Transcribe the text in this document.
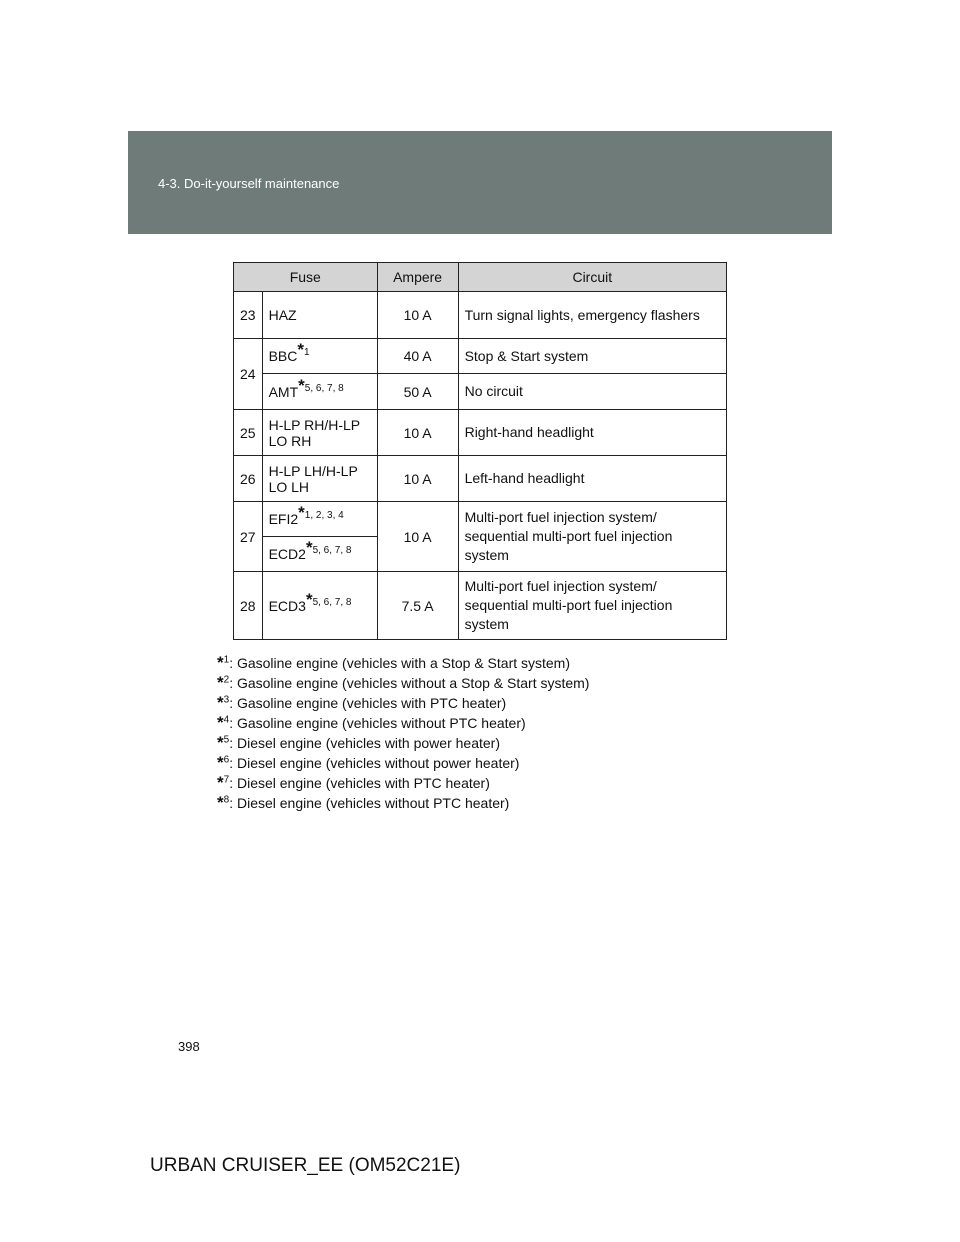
4-3. Do-it-yourself maintenance
Fuse		Ampere	Circuit
23	HAZ	10 A	Turn signal lights, emergency flashers
24	BBC$^{*1}$	40 A	Stop & Start system
	AMT$^{*5, 6, 7, 8}$	50 A	No circuit
25	H-LP RH/H-LP LO RH	10 A	Right-hand headlight
26	H-LP LH/H-LP LO LH	10 A	Left-hand headlight
27	EFI2$^{*1, 2, 3, 4}$	10 A	Multi-port fuel injection system/ sequential multi-port fuel injection system
	ECD2$^{*5, 6, 7, 8}$
28	ECD3$^{*5, 6, 7, 8}$	7.5 A	Multi-port fuel injection system/ sequential multi-port fuel injection system
*$^1$: Gasoline engine (vehicles with a Stop & Start system)
*$^2$: Gasoline engine (vehicles without a Stop & Start system)
*$^3$: Gasoline engine (vehicles with PTC heater)
*$^4$: Gasoline engine (vehicles without PTC heater)
*$^5$: Diesel engine (vehicles with power heater)
*$^6$: Diesel engine (vehicles without power heater)
*$^7$: Diesel engine (vehicles with PTC heater)
*$^8$: Diesel engine (vehicles without PTC heater)
398
URBAN CRUISER_EE (OM52C21E)
